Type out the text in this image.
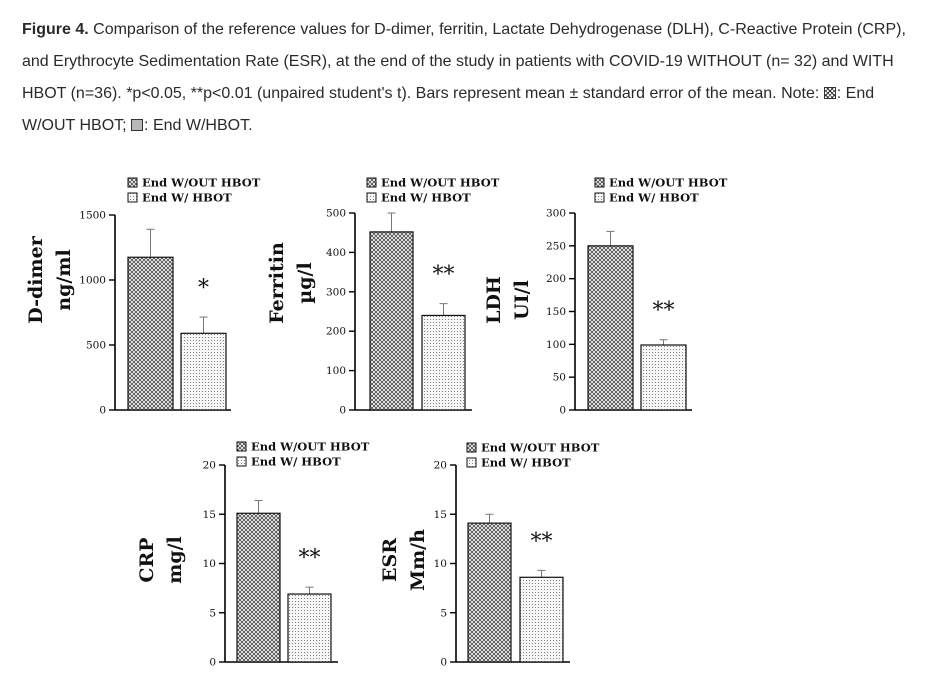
Figure 4. Comparison of the reference values for D-dimer, ferritin, Lactate Dehydrogenase (DLH), C-Reactive Protein (CRP), and Erythrocyte Sedimentation Rate (ESR), at the end of the study in patients with COVID-19 WITHOUT (n= 32) and WITH HBOT (n=36). *p<0.05, **p<0.01 (unpaired student's t). Bars represent mean ± standard error of the mean. Note: : End W/OUT HBOT; : End W/HBOT.
0
500
1000
1500
*
End W/OUT HBOT
End W/ HBOT
D-dimer ng/ml
0
100
200
300
400
500
**
End W/OUT HBOT
End W/ HBOT
Ferritin µg/l
0
50
100
150
200
250
300
**
End W/OUT HBOT
End W/ HBOT
LDH UI/l
0
5
10
15
20
**
End W/OUT HBOT
End W/ HBOT
CRP mg/l
0
5
10
15
20
**
End W/OUT HBOT
End W/ HBOT
ESR Mm/h
